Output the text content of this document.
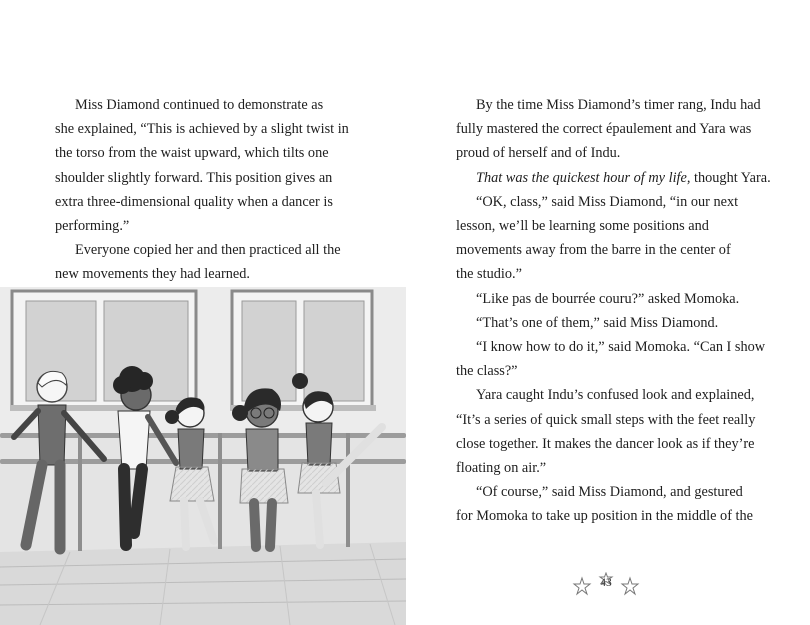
Miss Diamond continued to demonstrate as

she explained, “This is achieved by a slight twist in

the torso from the waist upward, which tilts one

shoulder slightly forward. This position gives an

extra three-dimensional quality when a dancer is

performing.”

Everyone copied her and then practiced all the

new movements they had learned.

By the time Miss Diamond’s timer rang, Indu had

fully mastered the correct épaulement and Yara was

proud of herself and of Indu.

That was the quickest hour of my life, thought Yara.

“OK, class,” said Miss Diamond, “in our next

lesson, we’ll be learning some positions and

movements away from the barre in the center of

the studio.”

“Like pas de bourrée couru?” asked Momoka.

“That’s one of them,” said Miss Diamond.

“I know how to do it,” said Momoka. “Can I show

the class?”

Yara caught Indu’s confused look and explained,

“It’s a series of quick small steps with the feet really

close together. It makes the dancer look as if they’re

floating on air.”

“Of course,” said Miss Diamond, and gestured

for Momoka to take up position in the middle of the

43
